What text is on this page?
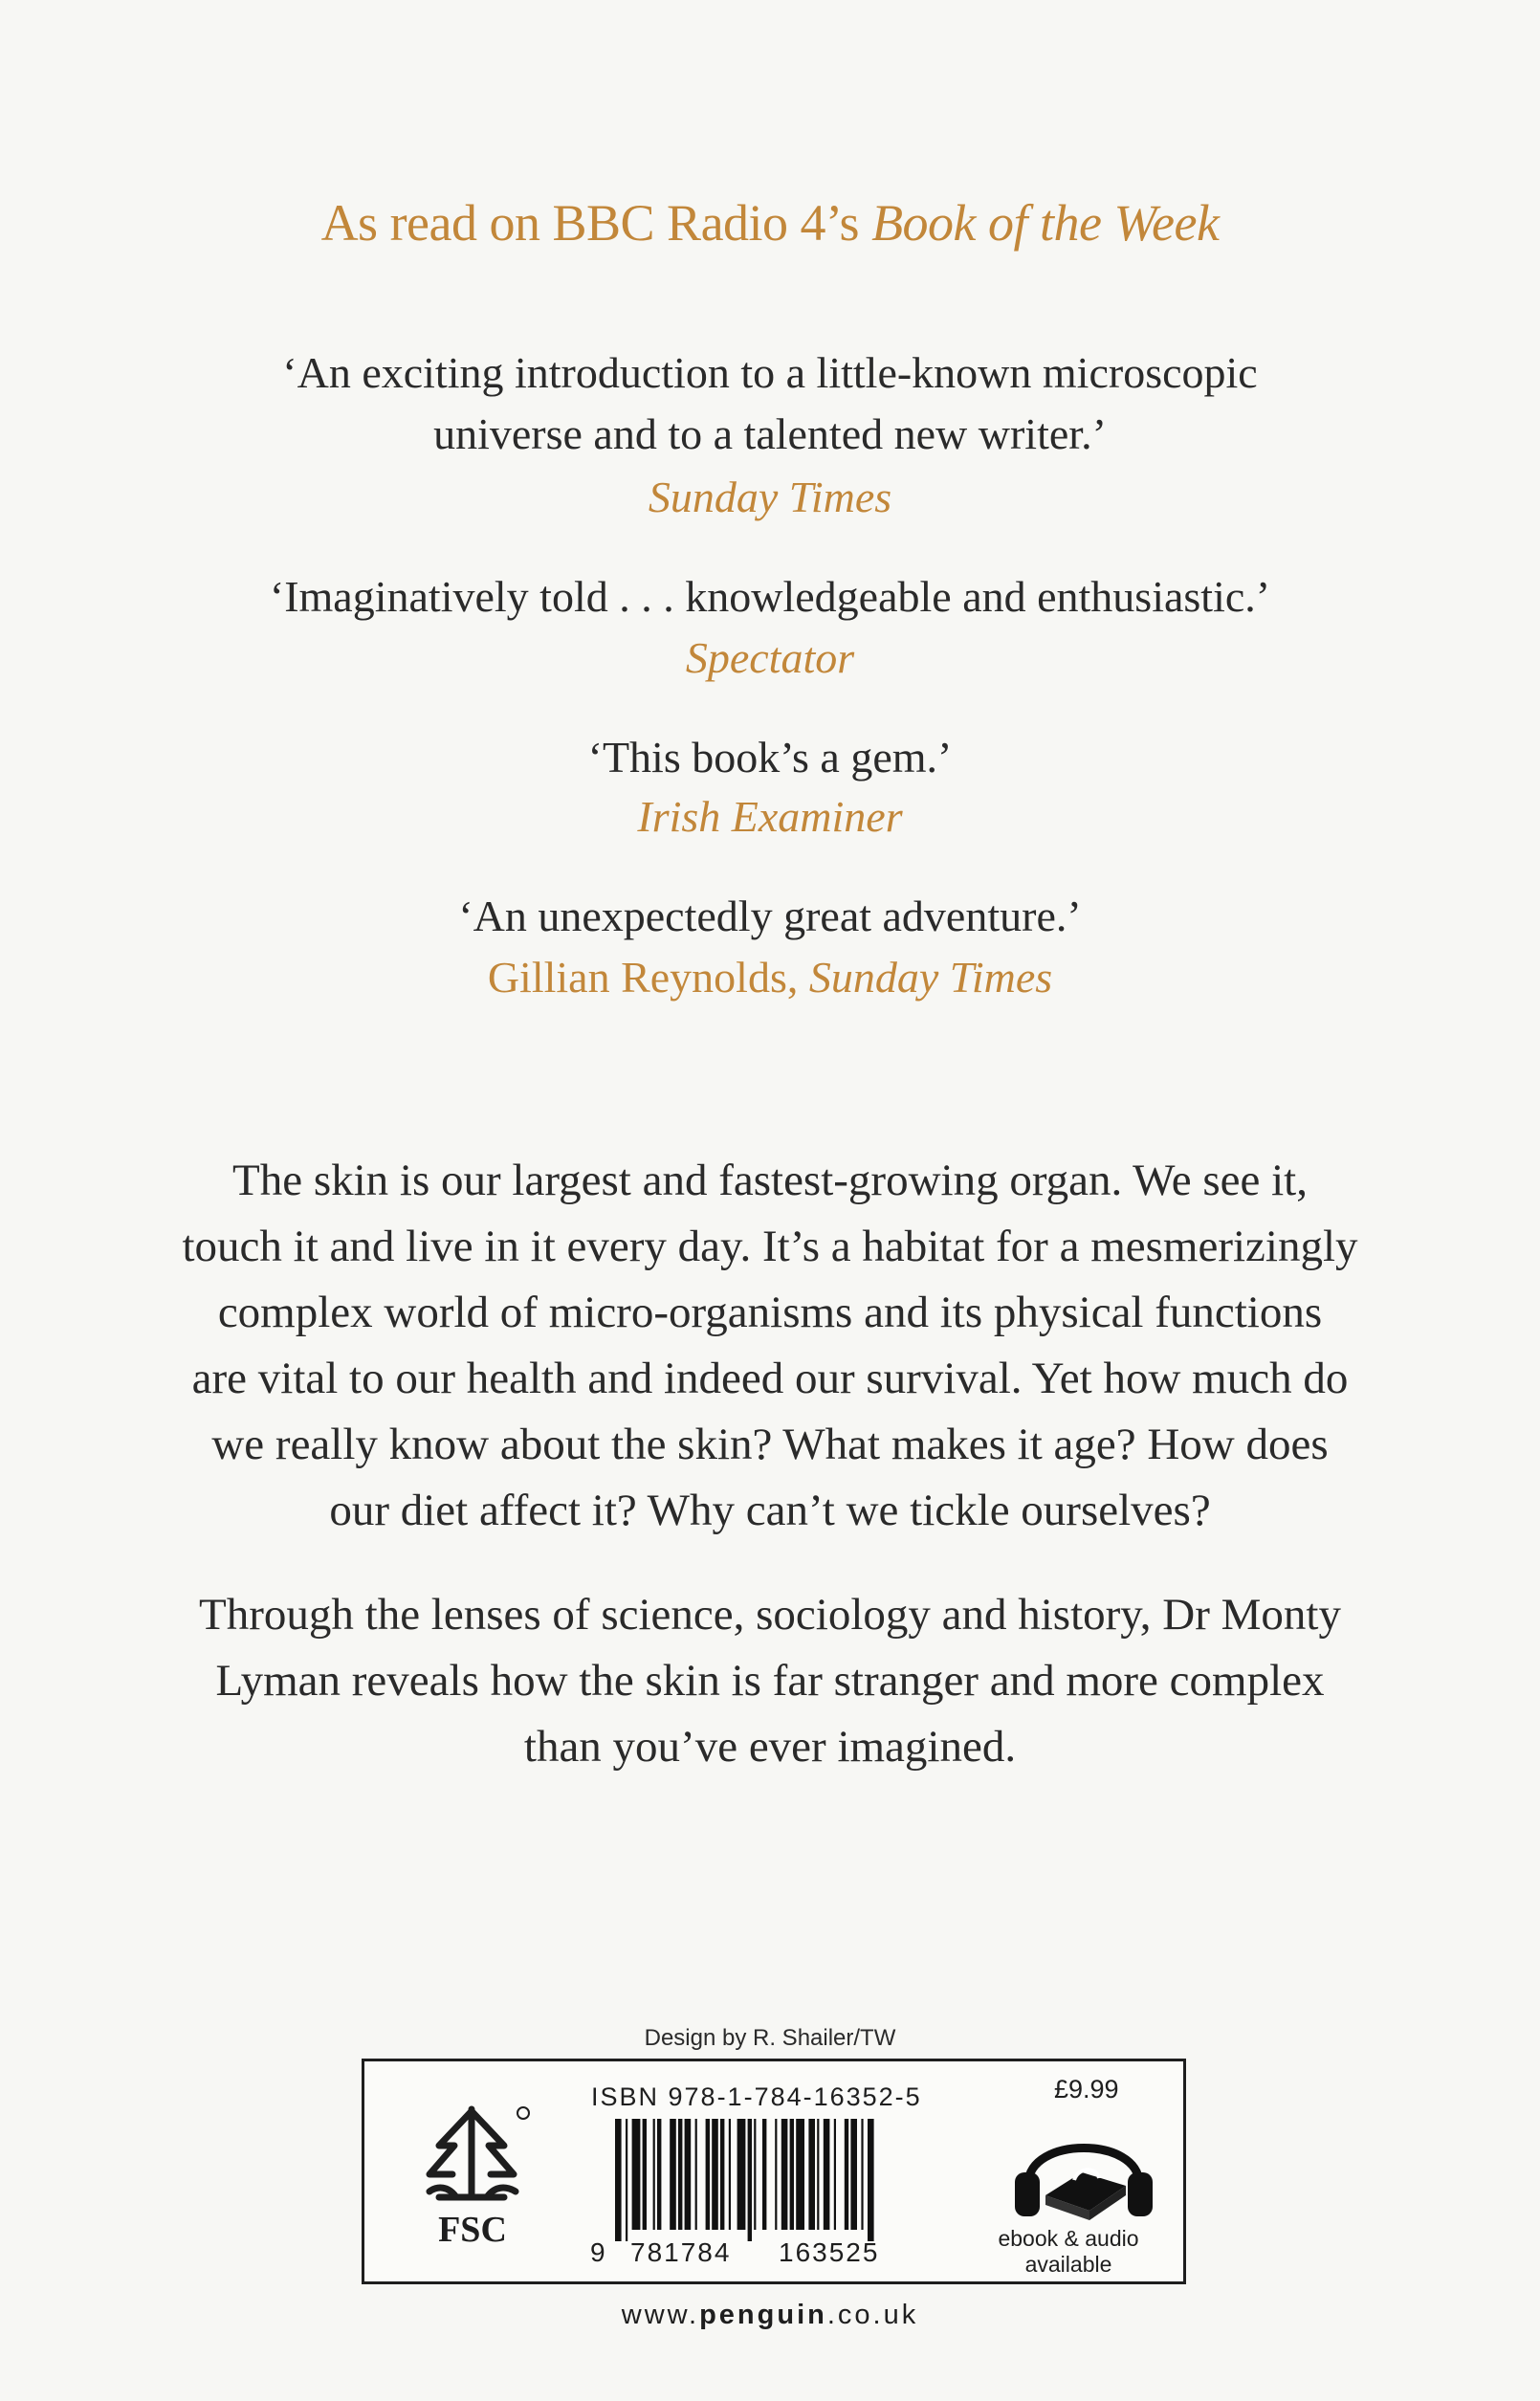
As read on BBC Radio 4’s Book of the Week
‘An exciting introduction to a little-known microscopic
universe and to a talented new writer.’
Sunday Times
‘Imaginatively told . . . knowledgeable and enthusiastic.’
Spectator
‘This book’s a gem.’
Irish Examiner
‘An unexpectedly great adventure.’
Gillian Reynolds, Sunday Times
The skin is our largest and fastest-growing organ. We see it,
touch it and live in it every day. It’s a habitat for a mesmerizingly
complex world of micro-organisms and its physical functions
are vital to our health and indeed our survival. Yet how much do
we really know about the skin? What makes it age? How does
our diet affect it? Why can’t we tickle ourselves?
Through the lenses of science, sociology and history, Dr Monty
Lyman reveals how the skin is far stranger and more complex
than you’ve ever imagined.
Design by R. Shailer/TW
FSC
ISBN 978-1-784-16352-5
9 781784 163525
£9.99
ebook & audio
available
www.penguin.co.uk
